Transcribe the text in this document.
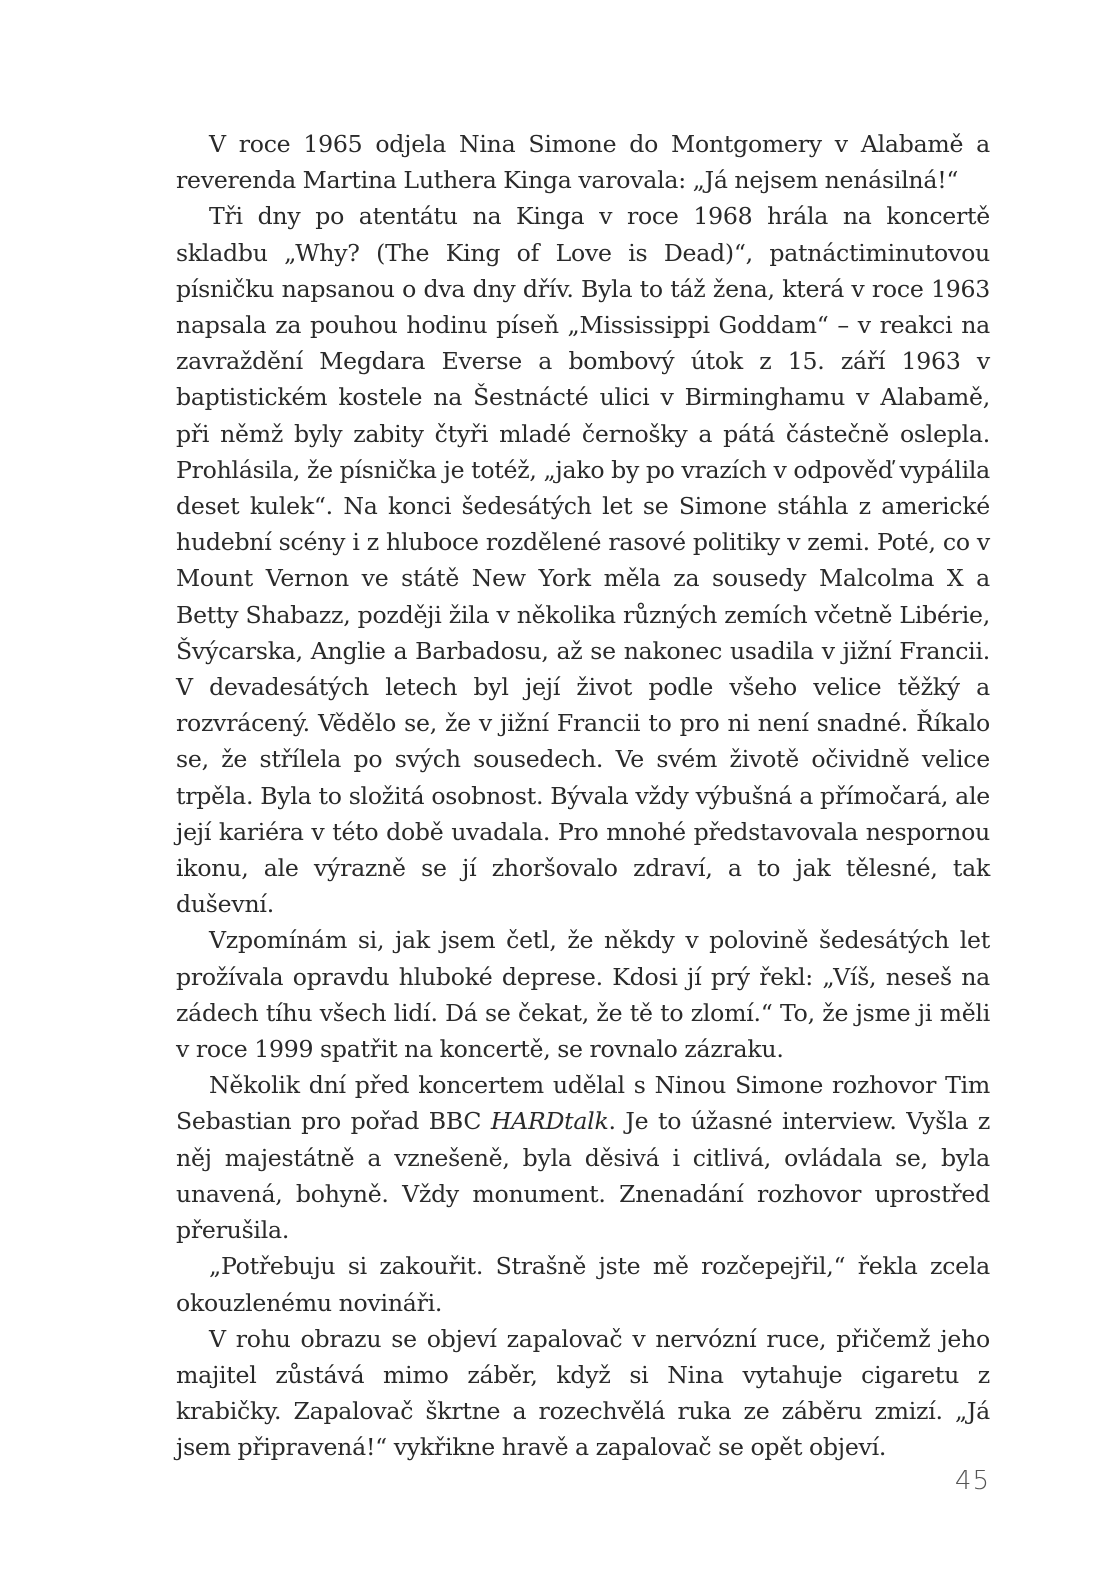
V roce 1965 odjela Nina Simone do Montgomery v Alabamě a reverenda Martina Luthera Kinga varovala: „Já nejsem nenásilná!“

Tři dny po atentátu na Kinga v roce 1968 hrála na koncertě skladbu „Why? (The King of Love is Dead)“, patnáctiminutovou písničku napsanou o dva dny dřív. Byla to táž žena, která v roce 1963 napsala za pouhou hodinu píseň „Mississippi Goddam“ – v reakci na zavraždění Megdara Everse a bombový útok z 15. září 1963 v baptistickém kostele na Šestnácté ulici v Birminghamu v Alabamě, při němž byly zabity čtyři mladé černošky a pátá částečně oslepla. Prohlásila, že písnička je totéž, „jako by po vrazích v odpověď vypálila deset kulek“. Na konci šedesátých let se Simone stáhla z americké hudební scény i z hluboce rozdělené rasové politiky v zemi. Poté, co v Mount Vernon ve státě New York měla za sousedy Malcolma X a Betty Shabazz, později žila v několika různých zemích včetně Libérie, Švýcarska, Anglie a Barbadosu, až se nakonec usadila v jižní Francii. V devadesátých letech byl její život podle všeho velice těžký a rozvrácený. Vědělo se, že v jižní Francii to pro ni není snadné. Říkalo se, že střílela po svých sousedech. Ve svém životě očividně velice trpěla. Byla to složitá osobnost. Bývala vždy výbušná a přímočará, ale její kariéra v této době uvadala. Pro mnohé představovala nespornou ikonu, ale výrazně se jí zhoršovalo zdraví, a to jak tělesné, tak duševní.

Vzpomínám si, jak jsem četl, že někdy v polovině šedesátých let prožívala opravdu hluboké deprese. Kdosi jí prý řekl: „Víš, neseš na zádech tíhu všech lidí. Dá se čekat, že tě to zlomí.“ To, že jsme ji měli v roce 1999 spatřit na koncertě, se rovnalo zázraku.

Několik dní před koncertem udělal s Ninou Simone rozhovor Tim Sebastian pro pořad BBC HARDtalk. Je to úžasné interview. Vyšla z něj majestátně a vznešeně, byla děsivá i citlivá, ovládala se, byla unavená, bohyně. Vždy monument. Znenadání rozhovor uprostřed přerušila.

„Potřebuju si zakouřit. Strašně jste mě rozčepejřil,“ řekla zcela okouzlenému novináři.

V rohu obrazu se objeví zapalovač v nervózní ruce, přičemž jeho majitel zůstává mimo záběr, když si Nina vytahuje cigaretu z krabičky. Zapalovač škrtne a rozechvělá ruka ze záběru zmizí. „Já jsem připravená!“ vykřikne hravě a zapalovač se opět objeví.

45
